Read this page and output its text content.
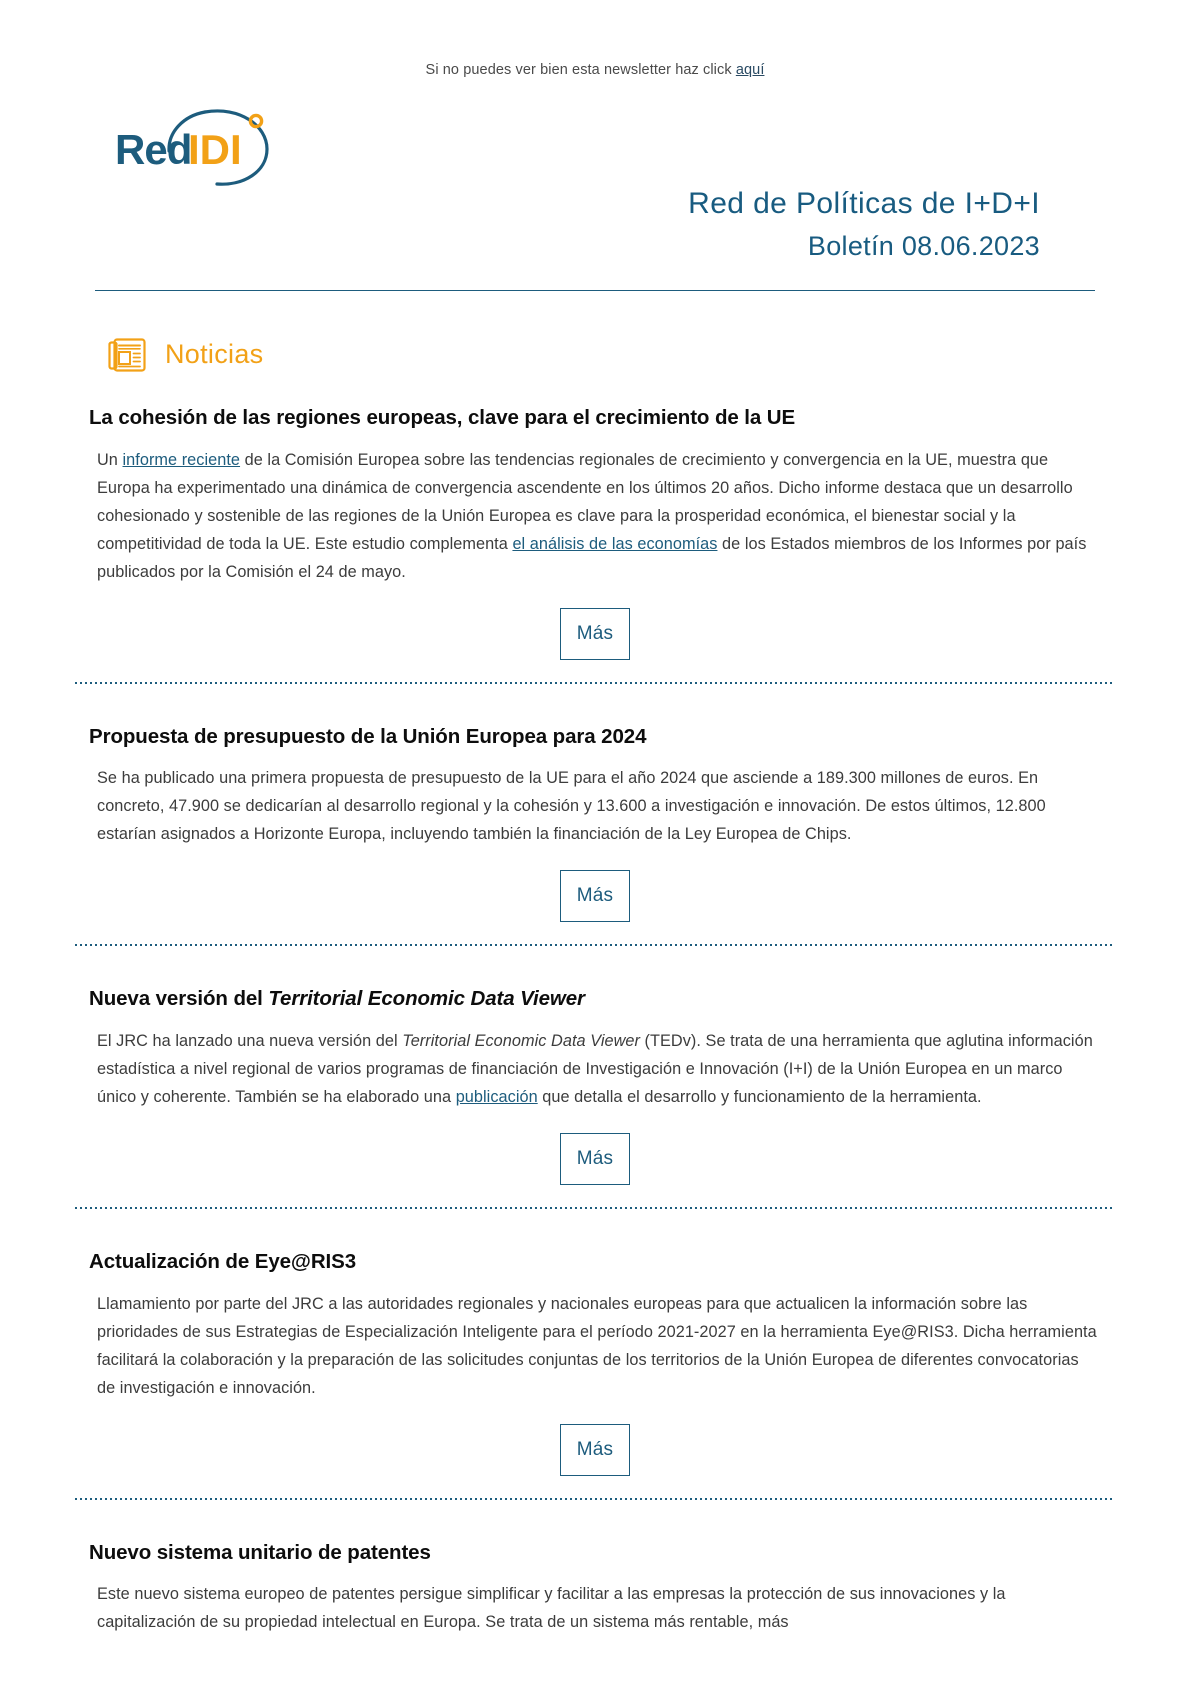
Si no puedes ver bien esta newsletter haz click aquí
Red
IDI
Red de Políticas de I+D+I
Boletín 08.06.2023
Noticias
La cohesión de las regiones europeas, clave para el crecimiento de la UE

Un informe reciente de la Comisión Europea sobre las tendencias regionales de crecimiento y convergencia en la UE, muestra que Europa ha experimentado una dinámica de convergencia ascendente en los últimos 20 años. Dicho informe destaca que un desarrollo cohesionado y sostenible de las regiones de la Unión Europea es clave para la prosperidad económica, el bienestar social y la competitividad de toda la UE. Este estudio complementa el análisis de las economías de los Estados miembros de los Informes por país publicados por la Comisión el 24 de mayo.

Más
Propuesta de presupuesto de la Unión Europea para 2024

Se ha publicado una primera propuesta de presupuesto de la UE para el año 2024 que asciende a 189.300 millones de euros. En concreto, 47.900 se dedicarían al desarrollo regional y la cohesión y 13.600 a investigación e innovación. De estos últimos, 12.800 estarían asignados a Horizonte Europa, incluyendo también la financiación de la Ley Europea de Chips.

Más
Nueva versión del Territorial Economic Data Viewer

El JRC ha lanzado una nueva versión del Territorial Economic Data Viewer (TEDv). Se trata de una herramienta que aglutina información estadística a nivel regional de varios programas de financiación de Investigación e Innovación (I+I) de la Unión Europea en un marco único y coherente. También se ha elaborado una publicación que detalla el desarrollo y funcionamiento de la herramienta.

Más
Actualización de Eye@RIS3

Llamamiento por parte del JRC a las autoridades regionales y nacionales europeas para que actualicen la información sobre las prioridades de sus Estrategias de Especialización Inteligente para el período 2021-2027 en la herramienta Eye@RIS3. Dicha herramienta facilitará la colaboración y la preparación de las solicitudes conjuntas de los territorios de la Unión Europea de diferentes convocatorias de investigación e innovación.

Más
Nuevo sistema unitario de patentes

Este nuevo sistema europeo de patentes persigue simplificar y facilitar a las empresas la protección de sus innovaciones y la capitalización de su propiedad intelectual en Europa. Se trata de un sistema más rentable, más
